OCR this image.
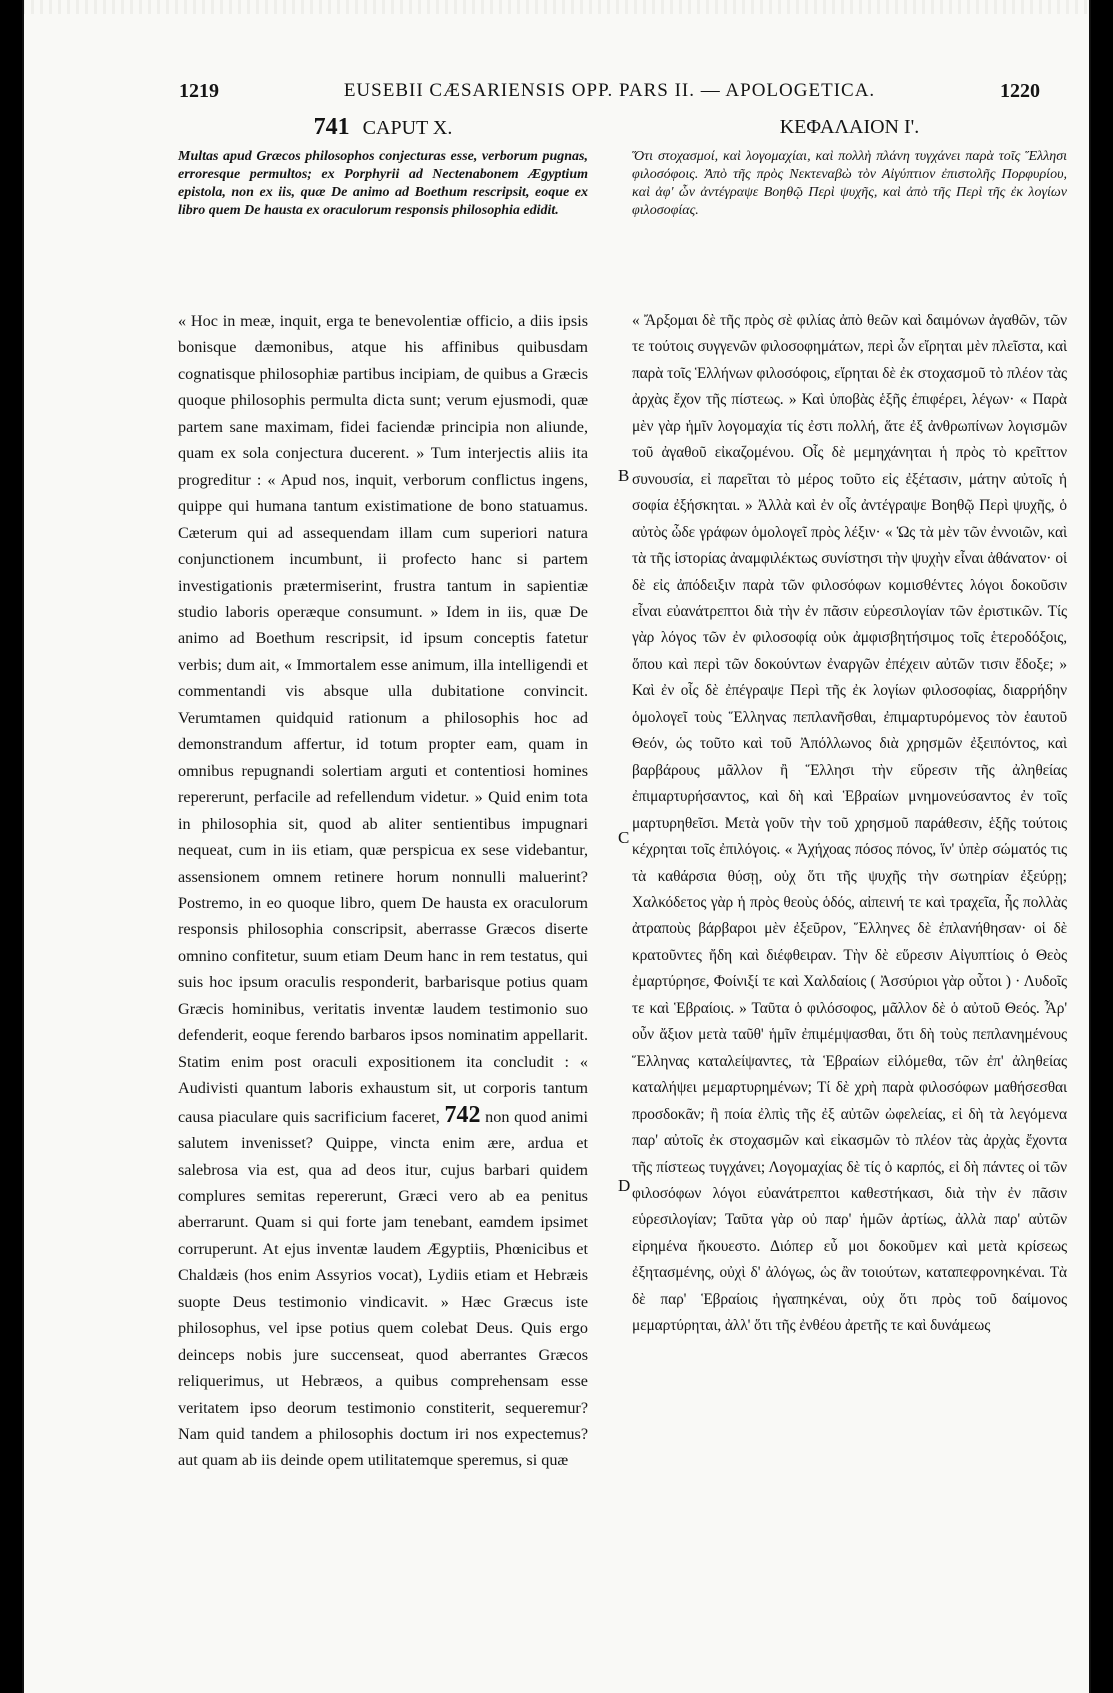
1219	EUSEBII CÆSARIENSIS OPP. PARS II. — APOLOGETICA.	1220
741 CAPUT X.
Multas apud Græcos philosophos conjecturas esse, verborum pugnas, erroresque permultos; ex Porphyrii ad Nectenabonem Ægyptium epistola, non ex iis, quæ De animo ad Boethum rescripsit, eoque ex libro quem De hausta ex oraculorum responsis philosophia edidit.

« Hoc in meæ, inquit, erga te benevolentiæ officio, a diis ipsis bonisque dæmonibus, atque his affinibus quibusdam cognatisque philosophiæ partibus incipiam, de quibus a Græcis quoque philosophis permulta dicta sunt; verum ejusmodi, quæ partem sane maximam, fidei faciendæ principia non aliunde, quam ex sola conjectura ducerent. » Tum interjectis aliis ita progreditur : « Apud nos, inquit, verborum conflictus ingens, quippe qui humana tantum existimatione de bono statuamus. Cæterum qui ad assequendam illam cum superiori natura conjunctionem incumbunt, ii profecto hanc si partem investigationis prætermiserint, frustra tantum in sapientiæ studio laboris operæque consumunt. » Idem in iis, quæ De animo ad Boethum rescripsit, id ipsum conceptis fatetur verbis; dum ait, « Immortalem esse animum, illa intelligendi et commentandi vis absque ulla dubitatione convincit. Verumtamen quidquid rationum a philosophis hoc ad demonstrandum affertur, id totum propter eam, quam in omnibus repugnandi solertiam arguti et contentiosi homines repererunt, perfacile ad refellendum videtur. » Quid enim tota in philosophia sit, quod ab aliter sentientibus impugnari nequeat, cum in iis etiam, quæ perspicua ex sese videbantur, assensionem omnem retinere horum nonnulli maluerint? Postremo, in eo quoque libro, quem De hausta ex oraculorum responsis philosophia conscripsit, aberrasse Græcos diserte omnino confitetur, suum etiam Deum hanc in rem testatus, qui suis hoc ipsum oraculis responderit, barbarisque potius quam Græcis hominibus, veritatis inventæ laudem testimonio suo defenderit, eoque ferendo barbaros ipsos nominatim appellarit. Statim enim post oraculi expositionem ita concludit : « Audivisti quantum laboris exhaustum sit, ut corporis tantum causa piaculare quis sacrificium faceret, 742 non quod animi salutem invenisset? Quippe, vincta enim ære, ardua et salebrosa via est, qua ad deos itur, cujus barbari quidem complures semitas repererunt, Græci vero ab ea penitus aberrarunt. Quam si qui forte jam tenebant, eamdem ipsimet corruperunt. At ejus inventæ laudem Ægyptiis, Phœnicibus et Chaldæis (hos enim Assyrios vocat), Lydiis etiam et Hebræis suopte Deus testimonio vindicavit. » Hæc Græcus iste philosophus, vel ipse potius quem colebat Deus. Quis ergo deinceps nobis jure succenseat, quod aberrantes Græcos reliquerimus, ut Hebræos, a quibus comprehensam esse veritatem ipso deorum testimonio constiterit, sequeremur? Nam quid tandem a philosophis doctum iri nos expectemus? aut quam ab iis deinde opem utilitatemque speremus, si quæ

ΚΕΦΑΛΑΙΟΝ Ι'.
Ὅτι στοχασμοί, καὶ λογομαχίαι, καὶ πολλὴ πλάνη τυγχάνει παρὰ τοῖς Ἕλλησι φιλοσόφοις. Ἀπὸ τῆς πρὸς Νεκτεναβὼ τὸν Αἰγύπτιον ἐπιστολῆς Πορφυρίου, καὶ ἀφ' ὧν ἀντέγραψε Βοηθῷ Περὶ ψυχῆς, καὶ ἀπὸ τῆς Περὶ τῆς ἐκ λογίων φιλοσοφίας.

« Ἄρξομαι δὲ τῆς πρὸς σὲ φιλίας ἀπὸ θεῶν καὶ δαιμόνων ἀγαθῶν, τῶν τε τούτοις συγγενῶν φιλοσοφημάτων, περὶ ὧν εἴρηται μὲν πλεῖστα, καὶ παρὰ τοῖς Ἑλλήνων φιλοσόφοις, εἴρηται δὲ ἐκ στοχασμοῦ τὸ πλέον τὰς ἀρχὰς ἔχον τῆς πίστεως. » Καὶ ὑποβὰς ἑξῆς ἐπιφέρει, λέγων· « Παρὰ μὲν γὰρ ἡμῖν λογομαχία τίς ἐστι πολλή, ἅτε ἐξ ἀνθρωπίνων λογισμῶν τοῦ ἀγαθοῦ εἰκαζομένου. Οἷς δὲ μεμηχάνηται ἡ πρὸς τὸ κρεῖττον συνουσία, εἰ παρεῖται τὸ μέρος τοῦτο εἰς ἐξέτασιν, μάτην αὐτοῖς ἡ σοφία ἐξήσκηται. » Ἀλλὰ καὶ ἐν οἷς ἀντέγραψε Βοηθῷ Περὶ ψυχῆς, ὁ αὐτὸς ὧδε γράφων ὁμολογεῖ πρὸς λέξιν· « Ὡς τὰ μὲν τῶν ἐννοιῶν, καὶ τὰ τῆς ἱστορίας ἀναμφιλέκτως συνίστησι τὴν ψυχὴν εἶναι ἀθάνατον· οἱ δὲ εἰς ἀπόδειξιν παρὰ τῶν φιλοσόφων κομισθέντες λόγοι δοκοῦσιν εἶναι εὐανάτρεπτοι διὰ τὴν ἐν πᾶσιν εὑρεσιλογίαν τῶν ἐριστικῶν. Τίς γὰρ λόγος τῶν ἐν φιλοσοφίᾳ οὐκ ἀμφισβητήσιμος τοῖς ἑτεροδόξοις, ὅπου καὶ περὶ τῶν δοκούντων ἐναργῶν ἐπέχειν αὐτῶν τισιν ἔδοξε; » Καὶ ἐν οἷς δὲ ἐπέγραψε Περὶ τῆς ἐκ λογίων φιλοσοφίας, διαρρήδην ὁμολογεῖ τοὺς Ἕλληνας πεπλανῆσθαι, ἐπιμαρτυρόμενος τὸν ἑαυτοῦ Θεόν, ὡς τοῦτο καὶ τοῦ Ἀπόλλωνος διὰ χρησμῶν ἐξειπόντος, καὶ βαρβάρους μᾶλλον ἢ Ἕλλησι τὴν εὕρεσιν τῆς ἀληθείας ἐπιμαρτυρήσαντος, καὶ δὴ καὶ Ἑβραίων μνημονεύσαντος ἐν τοῖς μαρτυρηθεῖσι. Μετὰ γοῦν τὴν τοῦ χρησμοῦ παράθεσιν, ἑξῆς τούτοις κέχρηται τοῖς ἐπιλόγοις. « Ἀχήχοας πόσος πόνος, ἵν' ὑπὲρ σώματός τις τὰ καθάρσια θύσῃ, οὐχ ὅτι τῆς ψυχῆς τὴν σωτηρίαν ἐξεύρῃ; Χαλκόδετος γὰρ ἡ πρὸς θεοὺς ὁδός, αἰπεινή τε καὶ τραχεῖα, ἧς πολλὰς ἀτραποὺς βάρβαροι μὲν ἐξεῦρον, Ἕλληνες δὲ ἐπλανήθησαν· οἱ δὲ κρατοῦντες ἤδη καὶ διέφθειραν. Τὴν δὲ εὕρεσιν Αἰγυπτίοις ὁ Θεὸς ἐμαρτύρησε, Φοίνιξί τε καὶ Χαλδαίοις ( Ἀσσύριοι γὰρ οὗτοι ) · Λυδοῖς τε καὶ Ἑβραίοις. » Ταῦτα ὁ φιλόσοφος, μᾶλλον δὲ ὁ αὐτοῦ Θεός. Ἆρ' οὖν ἄξιον μετὰ ταῦθ' ἡμῖν ἐπιμέμψασθαι, ὅτι δὴ τοὺς πεπλανημένους Ἕλληνας καταλείψαντες, τὰ Ἑβραίων εἱλόμεθα, τῶν ἐπ' ἀληθείας καταλήψει μεμαρτυρημένων; Τί δὲ χρὴ παρὰ φιλοσόφων μαθήσεσθαι προσδοκᾶν; ἢ ποία ἐλπὶς τῆς ἐξ αὐτῶν ὠφελείας, εἰ δὴ τὰ λεγόμενα παρ' αὐτοῖς ἐκ στοχασμῶν καὶ εἰκασμῶν τὸ πλέον τὰς ἀρχὰς ἔχοντα τῆς πίστεως τυγχάνει; Λογομαχίας δὲ τίς ὁ καρπός, εἰ δὴ πάντες οἱ τῶν φιλοσόφων λόγοι εὐανάτρεπτοι καθεστήκασι, διὰ τὴν ἐν πᾶσιν εὑρεσιλογίαν; Ταῦτα γὰρ οὐ παρ' ἡμῶν ἀρτίως, ἀλλὰ παρ' αὐτῶν εἰρημένα ἤκουεστο. Διόπερ εὖ μοι δοκοῦμεν καὶ μετὰ κρίσεως ἐξητασμένης, οὐχὶ δ' ἀλόγως, ὡς ἂν τοιούτων, καταπεφρονηκέναι. Τὰ δὲ παρ' Ἑβραίοις ἠγαπηκέναι, οὐχ ὅτι πρὸς τοῦ δαίμονος μεμαρτύρηται, ἀλλ' ὅτι τῆς ἐνθέου ἀρετῆς τε καὶ δυνάμεως

B
C
D
